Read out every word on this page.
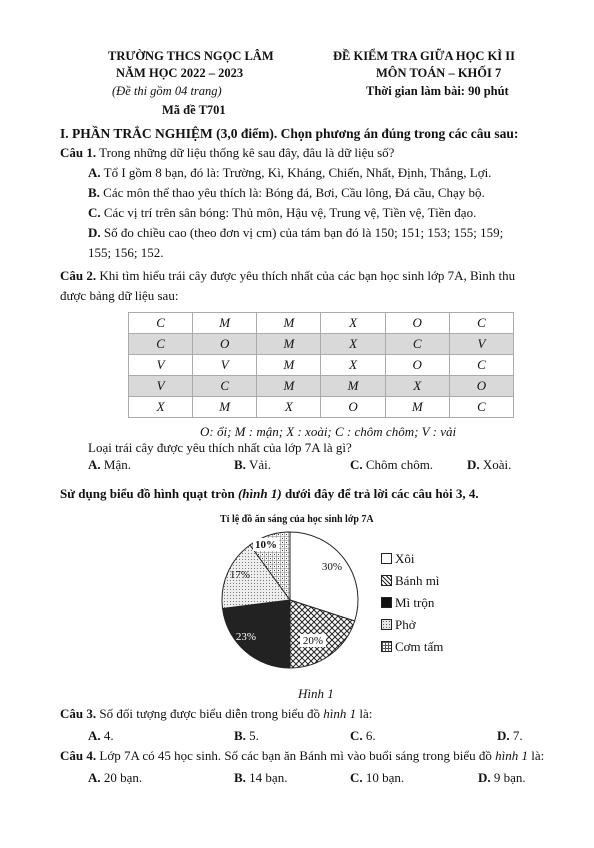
TRƯỜNG THCS NGỌC LÂM
NĂM HỌC 2022 – 2023
(Đề thi gồm 04 trang)
Mã đề T701
ĐỀ KIỂM TRA GIỮA HỌC KÌ II
MÔN TOÁN – KHỐI 7
Thời gian làm bài: 90 phút
I. PHẦN TRẮC NGHIỆM (3,0 điểm). Chọn phương án đúng trong các câu sau:
Câu 1. Trong những dữ liệu thống kê sau đây, đâu là dữ liệu số?
A. Tổ I gồm 8 bạn, đó là: Trường, Kì, Kháng, Chiến, Nhất, Định, Thắng, Lợi.
B. Các môn thể thao yêu thích là: Bóng đá, Bơi, Cầu lông, Đá cầu, Chạy bộ.
C. Các vị trí trên sân bóng: Thủ môn, Hậu vệ, Trung vệ, Tiền vệ, Tiền đạo.
D. Số đo chiều cao (theo đơn vị cm) của tám bạn đó là 150; 151; 153; 155; 159;
155; 156; 152.
Câu 2. Khi tìm hiểu trái cây được yêu thích nhất của các bạn học sinh lớp 7A, Bình thu
được bảng dữ liệu sau:
C	M	M	X	O	C
C	O	M	X	C	V
V	V	M	X	O	C
V	C	M	M	X	O
X	M	X	O	M	C
O: ổi; M : mận; X : xoài; C : chôm chôm; V : vải
Loại trái cây được yêu thích nhất của lớp 7A là gì?
A. Mận.	B. Vải.	C. Chôm chôm.	D. Xoài.
Sử dụng biểu đồ hình quạt tròn (hình 1) dưới đây để trả lời các câu hỏi 3, 4.
Tỉ lệ đồ ăn sáng của học sinh lớp 7A
30%
20%
23%
17%
10%
Xôi
Bánh mì
Mì trộn
Phở
Cơm tấm
Hình 1
Câu 3. Số đối tượng được biểu diễn trong biểu đồ hình 1 là:
A. 4.	B. 5.	C. 6.	D. 7.
Câu 4. Lớp 7A có 45 học sinh. Số các bạn ăn Bánh mì vào buổi sáng trong biểu đồ hình 1 là:
A. 20 bạn.	B. 14 bạn.	C. 10 bạn.	D. 9 bạn.
